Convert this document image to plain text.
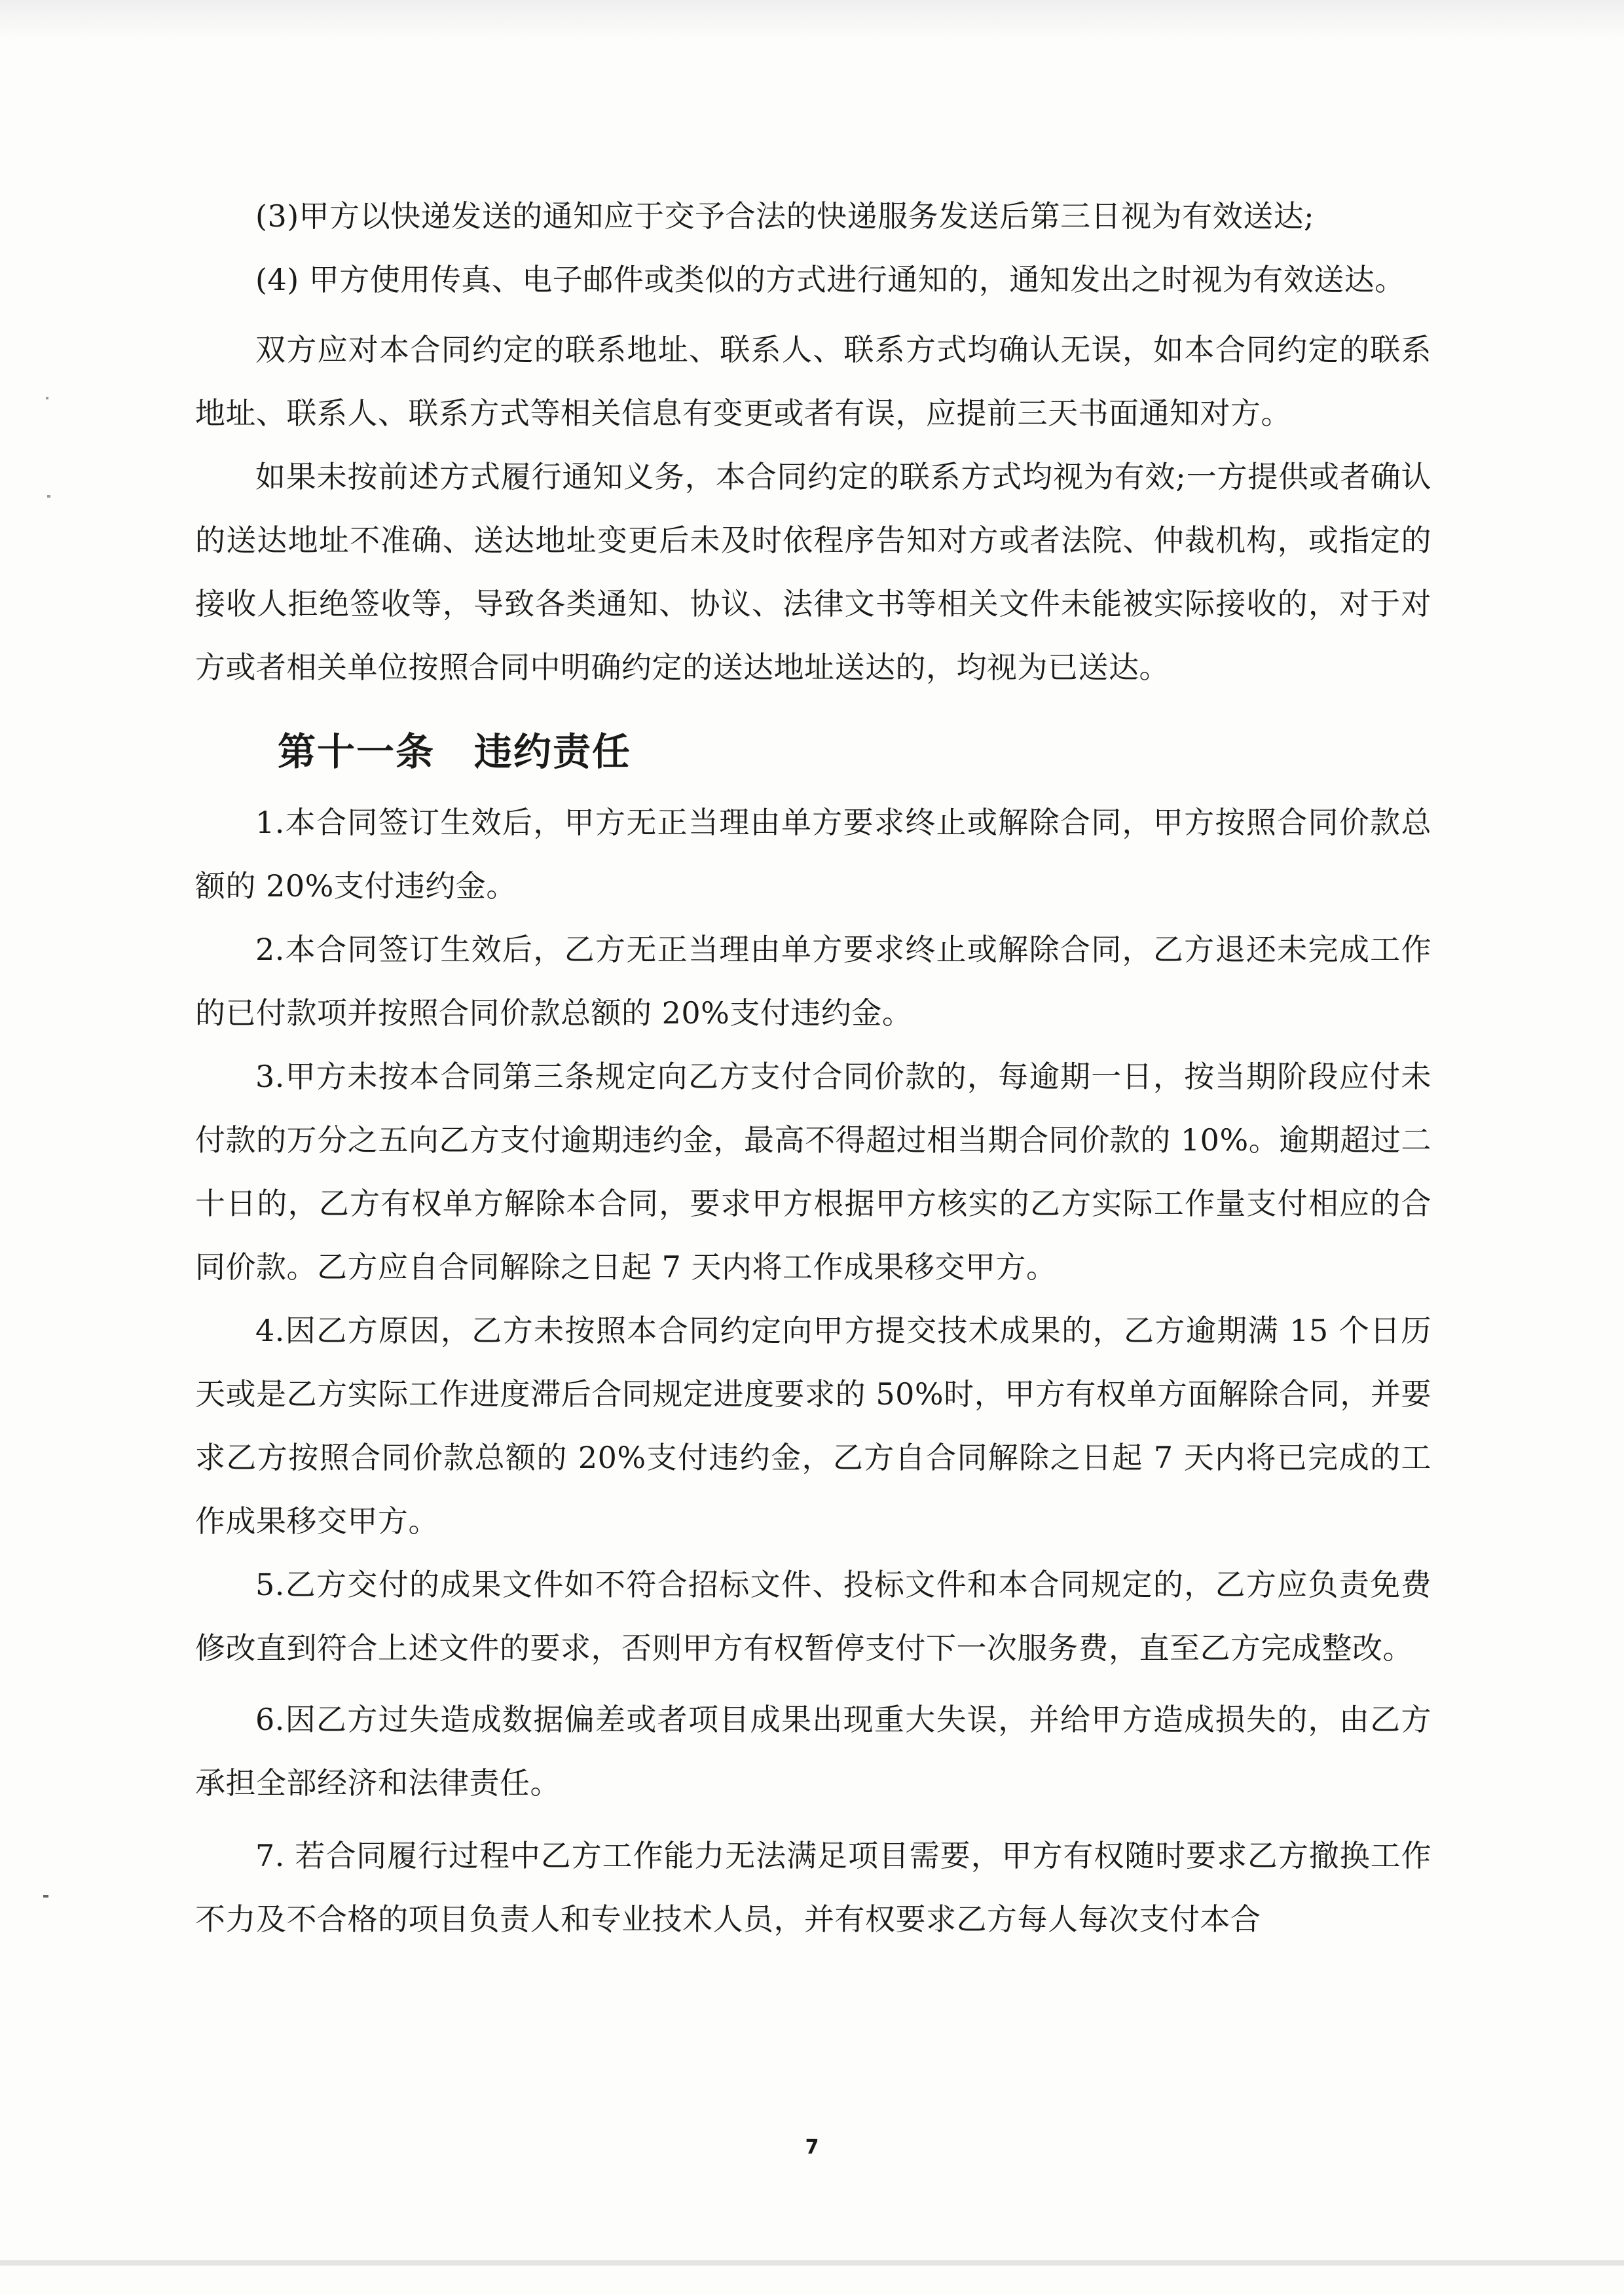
(3)甲方以快递发送的通知应于交予合法的快递服务发送后第三日视为有效送达;

(4) 甲方使用传真、电子邮件或类似的方式进行通知的，通知发出之时视为有效送达。

双方应对本合同约定的联系地址、联系人、联系方式均确认无误，如本合同约定的联系地址、联系人、联系方式等相关信息有变更或者有误，应提前三天书面通知对方。

如果未按前述方式履行通知义务，本合同约定的联系方式均视为有效;一方提供或者确认的送达地址不准确、送达地址变更后未及时依程序告知对方或者法院、仲裁机构，或指定的接收人拒绝签收等，导致各类通知、协议、法律文书等相关文件未能被实际接收的，对于对方或者相关单位按照合同中明确约定的送达地址送达的，均视为已送达。

第十一条　违约责任

1.本合同签订生效后，甲方无正当理由单方要求终止或解除合同，甲方按照合同价款总额的 20%支付违约金。

2.本合同签订生效后，乙方无正当理由单方要求终止或解除合同，乙方退还未完成工作的已付款项并按照合同价款总额的 20%支付违约金。

3.甲方未按本合同第三条规定向乙方支付合同价款的，每逾期一日，按当期阶段应付未付款的万分之五向乙方支付逾期违约金，最高不得超过相当期合同价款的 10%。逾期超过二十日的，乙方有权单方解除本合同，要求甲方根据甲方核实的乙方实际工作量支付相应的合同价款。乙方应自合同解除之日起 7 天内将工作成果移交甲方。

4.因乙方原因，乙方未按照本合同约定向甲方提交技术成果的，乙方逾期满 15 个日历天或是乙方实际工作进度滞后合同规定进度要求的 50%时，甲方有权单方面解除合同，并要求乙方按照合同价款总额的 20%支付违约金，乙方自合同解除之日起 7 天内将已完成的工作成果移交甲方。

5.乙方交付的成果文件如不符合招标文件、投标文件和本合同规定的，乙方应负责免费修改直到符合上述文件的要求，否则甲方有权暂停支付下一次服务费，直至乙方完成整改。

6.因乙方过失造成数据偏差或者项目成果出现重大失误，并给甲方造成损失的，由乙方承担全部经济和法律责任。

7. 若合同履行过程中乙方工作能力无法满足项目需要，甲方有权随时要求乙方撤换工作不力及不合格的项目负责人和专业技术人员，并有权要求乙方每人每次支付本合

7
